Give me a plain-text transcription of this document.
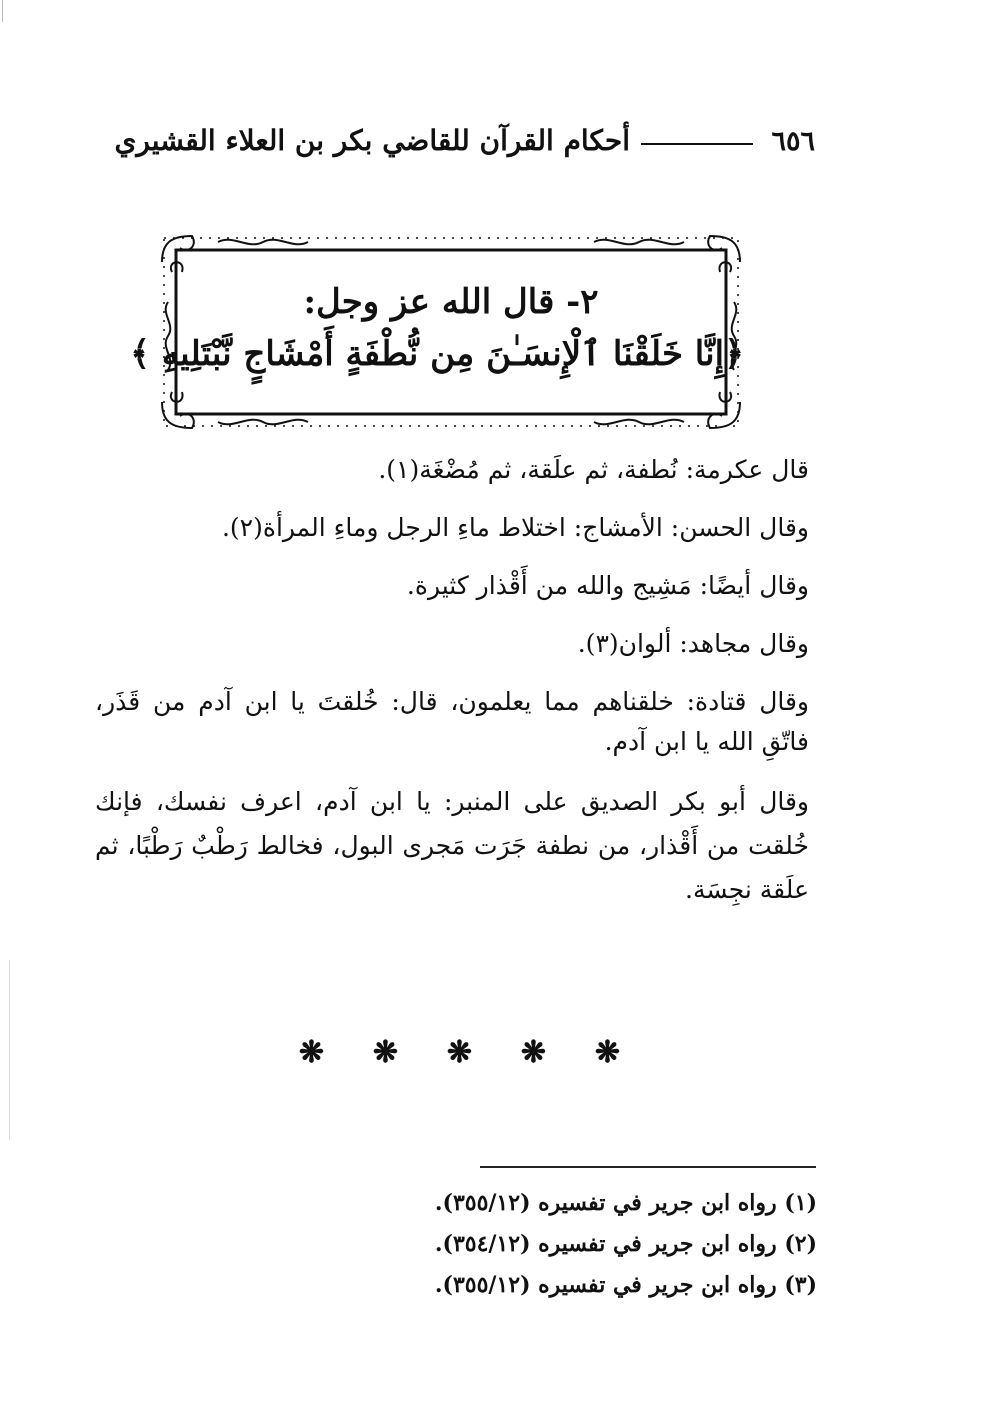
٦٥٦
أحكام القرآن للقاضي بكر بن العلاء القشيري
٢- قال الله عز وجل:
﴿إِنَّا خَلَقْنَا ٱلْإِنسَـٰنَ مِن نُّطْفَةٍ أَمْشَاجٍ نَّبْتَلِيهِ ﴾

قال عكرمة: نُطفة، ثم علَقة، ثم مُضْغَة(١).

وقال الحسن: الأمشاج: اختلاط ماءِ الرجل وماءِ المرأة(٢).

وقال أيضًا: مَشِيج والله من أَقْذار كثيرة.

وقال مجاهد: ألوان(٣).

وقال قتادة: خلقناهم مما يعلمون، قال: خُلقتَ يا ابن آدم من قَذَر، فاتّقِ الله يا ابن آدم.

وقال أبو بكر الصديق على المنبر: يا ابن آدم، اعرف نفسك، فإنك خُلقت من أَقْذار، من نطفة جَرَت مَجرى البول، فخالط رَطْبٌ رَطْبًا، ثم علَقة نجِسَة.

❋
❋
❋
❋
❋
(١) رواه ابن جرير في تفسيره (٣٥٥/١٢).
(٢) رواه ابن جرير في تفسيره (٣٥٤/١٢).
(٣) رواه ابن جرير في تفسيره (٣٥٥/١٢).
